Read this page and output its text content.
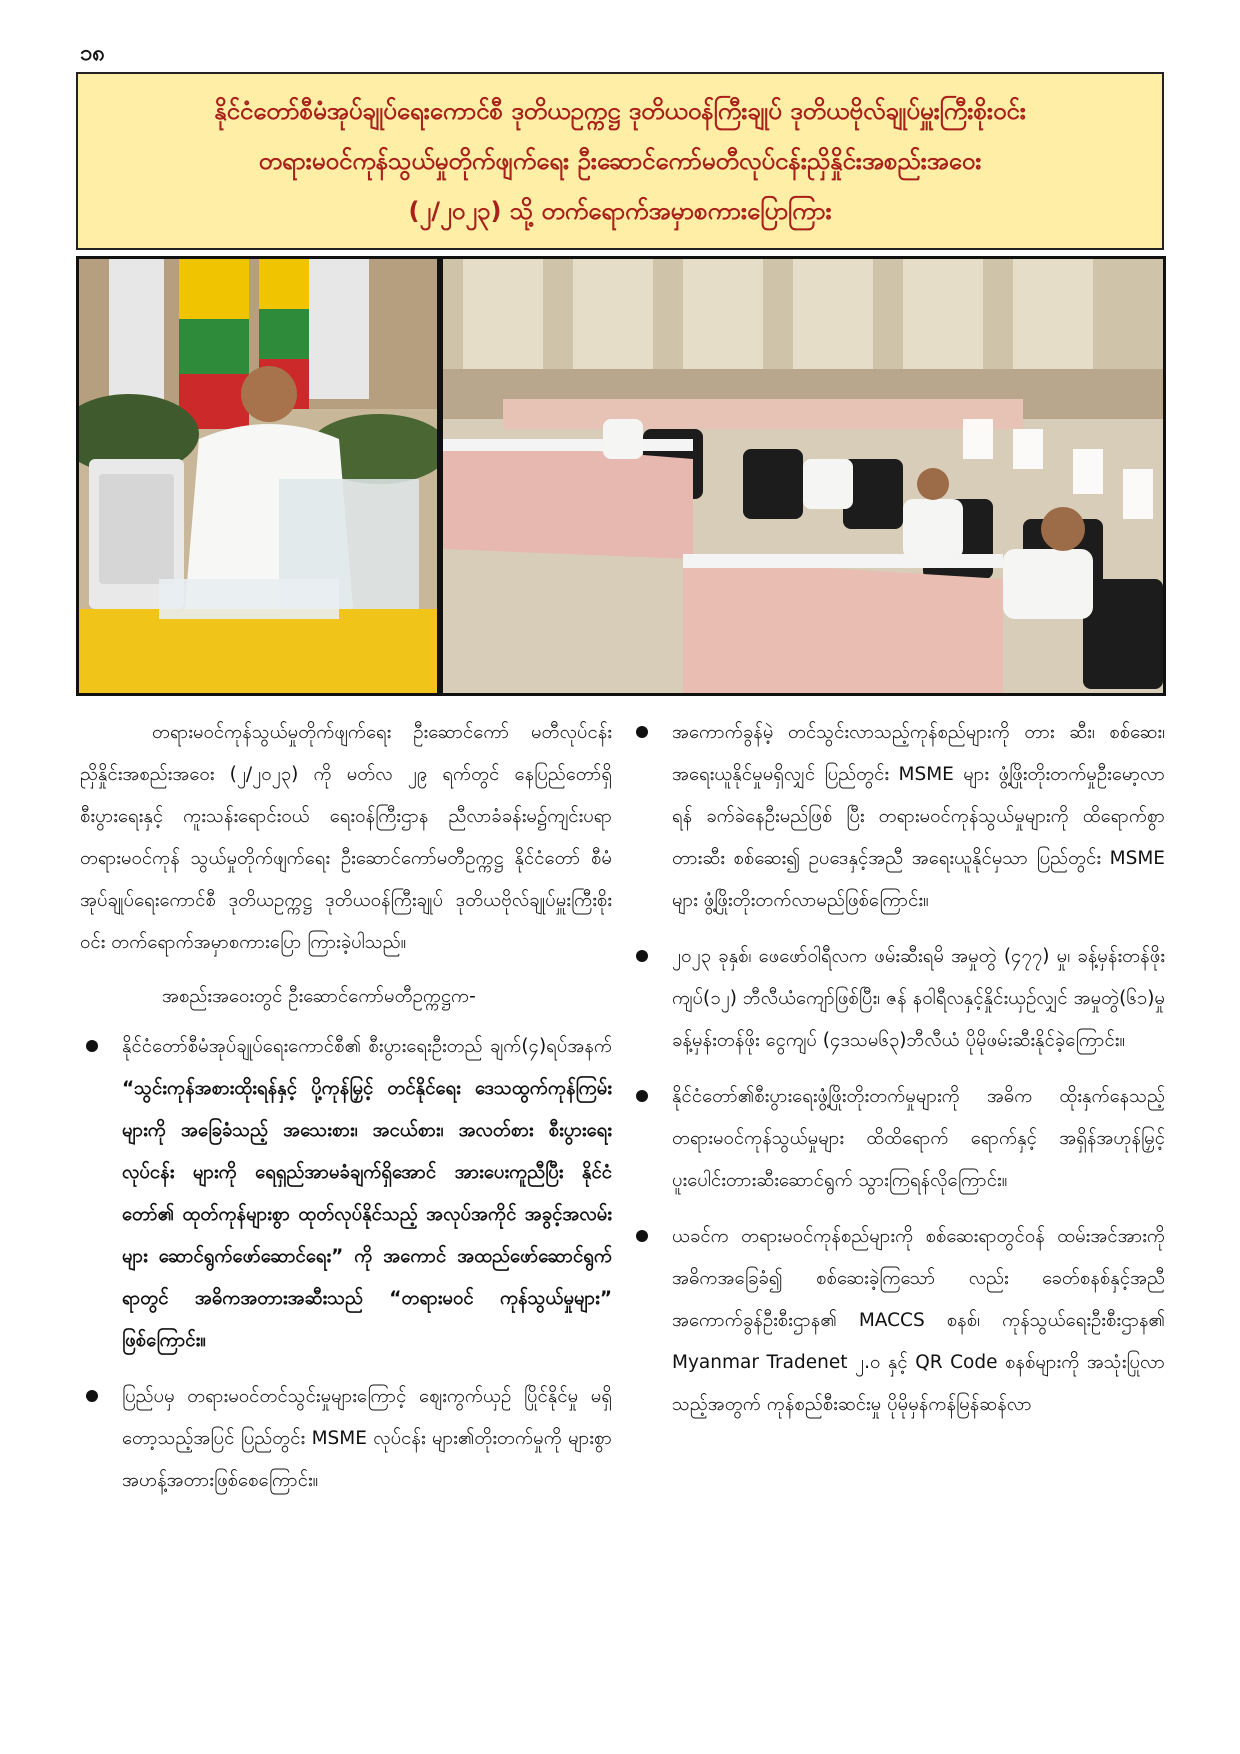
၁၈
နိုင်ငံတော်စီမံအုပ်ချုပ်ရေးကောင်စီ ဒုတိယဥက္ကဋ္ဌ ဒုတိယဝန်ကြီးချုပ် ဒုတိယဗိုလ်ချုပ်မှူးကြီးစိုးဝင်း
တရားမဝင်ကုန်သွယ်မှုတိုက်ဖျက်ရေး ဦးဆောင်ကော်မတီလုပ်ငန်းညှိနှိုင်းအစည်းအဝေး
(၂/၂၀၂၃) သို့ တက်ရောက်အမှာစကားပြောကြား

တရားမဝင်ကုန်သွယ်မှုတိုက်ဖျက်ရေး ဦးဆောင်ကော် မတီလုပ်ငန်းညှိနှိုင်းအစည်းအဝေး (၂/၂၀၂၃) ကို မတ်လ ၂၉ ရက်တွင် နေပြည်တော်ရှိ စီးပွားရေးနှင့် ကူးသန်းရောင်းဝယ် ရေးဝန်ကြီးဌာန ညီလာခံခန်းမ၌ကျင်းပရာ တရားမဝင်ကုန် သွယ်မှုတိုက်ဖျက်ရေး ဦးဆောင်ကော်မတီဥက္ကဋ္ဌ နိုင်ငံတော် စီမံအုပ်ချုပ်ရေးကောင်စီ ဒုတိယဥက္ကဋ္ဌ ဒုတိယဝန်ကြီးချုပ် ဒုတိယဗိုလ်ချုပ်မှူးကြီးစိုးဝင်း တက်ရောက်အမှာစကားပြော ကြားခဲ့ပါသည်။

အစည်းအဝေးတွင် ဦးဆောင်ကော်မတီဥက္ကဋ္ဌက-

နိုင်ငံတော်စီမံအုပ်ချုပ်ရေးကောင်စီ၏ စီးပွားရေးဦးတည် ချက်(၄)ရပ်အနက် “သွင်းကုန်အစားထိုးရန်နှင့် ပို့ကုန်မြှင့် တင်နိုင်ရေး ဒေသထွက်ကုန်ကြမ်းများကို အခြေခံသည့် အသေးစား၊ အငယ်စား၊ အလတ်စား စီးပွားရေးလုပ်ငန်း များကို ရေရှည်အာမခံချက်ရှိအောင် အားပေးကူညီပြီး နိုင်ငံ တော်၏ ထုတ်ကုန်များစွာ ထုတ်လုပ်နိုင်သည့် အလုပ်အကိုင် အခွင့်အလမ်းများ ဆောင်ရွက်ဖော်ဆောင်ရေး” ကို အကောင် အထည်ဖော်ဆောင်ရွက်ရာတွင် အဓိကအတားအဆီးသည် “တရားမဝင် ကုန်သွယ်မှုများ” ဖြစ်ကြောင်း။
ပြည်ပမှ တရားမဝင်တင်သွင်းမှုများကြောင့် ဈေးကွက်ယှဉ် ပြိုင်နိုင်မှု မရှိတော့သည့်အပြင် ပြည်တွင်း MSME လုပ်ငန်း များ၏တိုးတက်မှုကို များစွာ အဟန့်အတားဖြစ်စေကြောင်း။
အကောက်ခွန်မဲ့ တင်သွင်းလာသည့်ကုန်စည်များကို တား ဆီး၊ စစ်ဆေး၊ အရေးယူနိုင်မှုမရှိလျှင် ပြည်တွင်း MSME များ ဖွံ့ဖြိုးတိုးတက်မှုဦးမော့လာရန် ခက်ခဲနေဦးမည်ဖြစ် ပြီး တရားမဝင်ကုန်သွယ်မှုများကို ထိရောက်စွာ တားဆီး စစ်ဆေး၍ ဥပဒေနှင့်အညီ အရေးယူနိုင်မှသာ ပြည်တွင်း MSME များ ဖွံ့ဖြိုးတိုးတက်လာမည်ဖြစ်ကြောင်း။
၂၀၂၃ ခုနှစ်၊ ဖေဖော်ဝါရီလက ဖမ်းဆီးရမိ အမှုတွဲ (၄၇၇) မှု၊ ခန့်မှန်းတန်ဖိုး ကျပ်(၁၂) ဘီလီယံကျော်ဖြစ်ပြီး၊ ဇန် နဝါရီလနှင့်နှိုင်းယှဉ်လျှင် အမှုတွဲ(၆၁)မှု ခန့်မှန်းတန်ဖိုး ငွေကျပ် (၄ဒသမ၆၃)ဘီလီယံ ပိုမိုဖမ်းဆီးနိုင်ခဲ့ကြောင်း။
နိုင်ငံတော်၏စီးပွားရေးဖွံ့ဖြိုးတိုးတက်မှုများကို အဓိက ထိုးနှက်နေသည့် တရားမဝင်ကုန်သွယ်မှုများ ထိထိရောက် ရောက်နှင့် အရှိန်အဟုန်မြှင့် ပူးပေါင်းတားဆီးဆောင်ရွက် သွားကြရန်လိုကြောင်း။
ယခင်က တရားမဝင်ကုန်စည်များကို စစ်ဆေးရာတွင်ဝန် ထမ်းအင်အားကို အဓိကအခြေခံ၍ စစ်ဆေးခဲ့ကြသော် လည်း ခေတ်စနစ်နှင့်အညီ အကောက်ခွန်ဦးစီးဌာန၏ MACCS စနစ်၊ ကုန်သွယ်ရေးဦးစီးဌာန၏ Myanmar Tradenet ၂.၀ နှင့် QR Code စနစ်များကို အသုံးပြုလာ သည့်အတွက် ကုန်စည်စီးဆင်းမှု ပိုမိုမှန်ကန်မြန်ဆန်လာ
